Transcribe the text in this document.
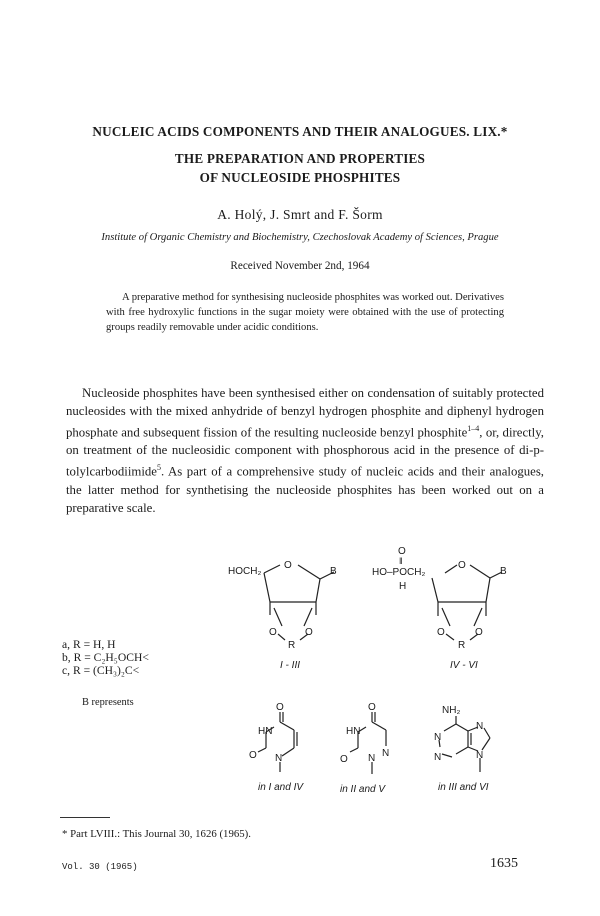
NUCLEIC ACIDS COMPONENTS AND THEIR ANALOGUES. LIX.*
THE PREPARATION AND PROPERTIES
OF NUCLEOSIDE PHOSPHITES
A. Holý, J. Smrt and F. Šorm
Institute of Organic Chemistry and Biochemistry, Czechoslovak Academy of Sciences, Prague
Received November 2nd, 1964
A preparative method for synthesising nucleoside phosphites was worked out. Derivatives with free hydroxylic functions in the sugar moiety were obtained with the use of protecting groups readily removable under acidic conditions.
Nucleoside phosphites have been synthesised either on condensation of suitably protected nucleosides with the mixed anhydride of benzyl hydrogen phosphite and diphenyl hydrogen phosphate and subsequent fission of the resulting nucleoside benzyl phosphite$^{1-4}$, or, directly, on treatment of the nucleosidic component with phosphorous acid in the presence of di-p-tolylcarbodiimide$^5$. As part of a comprehensive study of nucleic acids and their analogues, the latter method for synthetising the nucleoside phosphites has been worked out on a preparative scale.
a, R = H, H
b, R = C₂H₅OCH<
c, R = (CH₃)₂C<
B represents
HOCH₂
O
B
O	O
R
I - III
O
‖
HO–POCH₂
H
O
B
O	O
R
IV - VI
O
HN
O N
in I and IV
O
HN
O N N
in II and V
NH₂
N
N
N	N
in III and VI
* Part LVIII.: This Journal 30, 1626 (1965).
Vol. 30 (1965)	1635
